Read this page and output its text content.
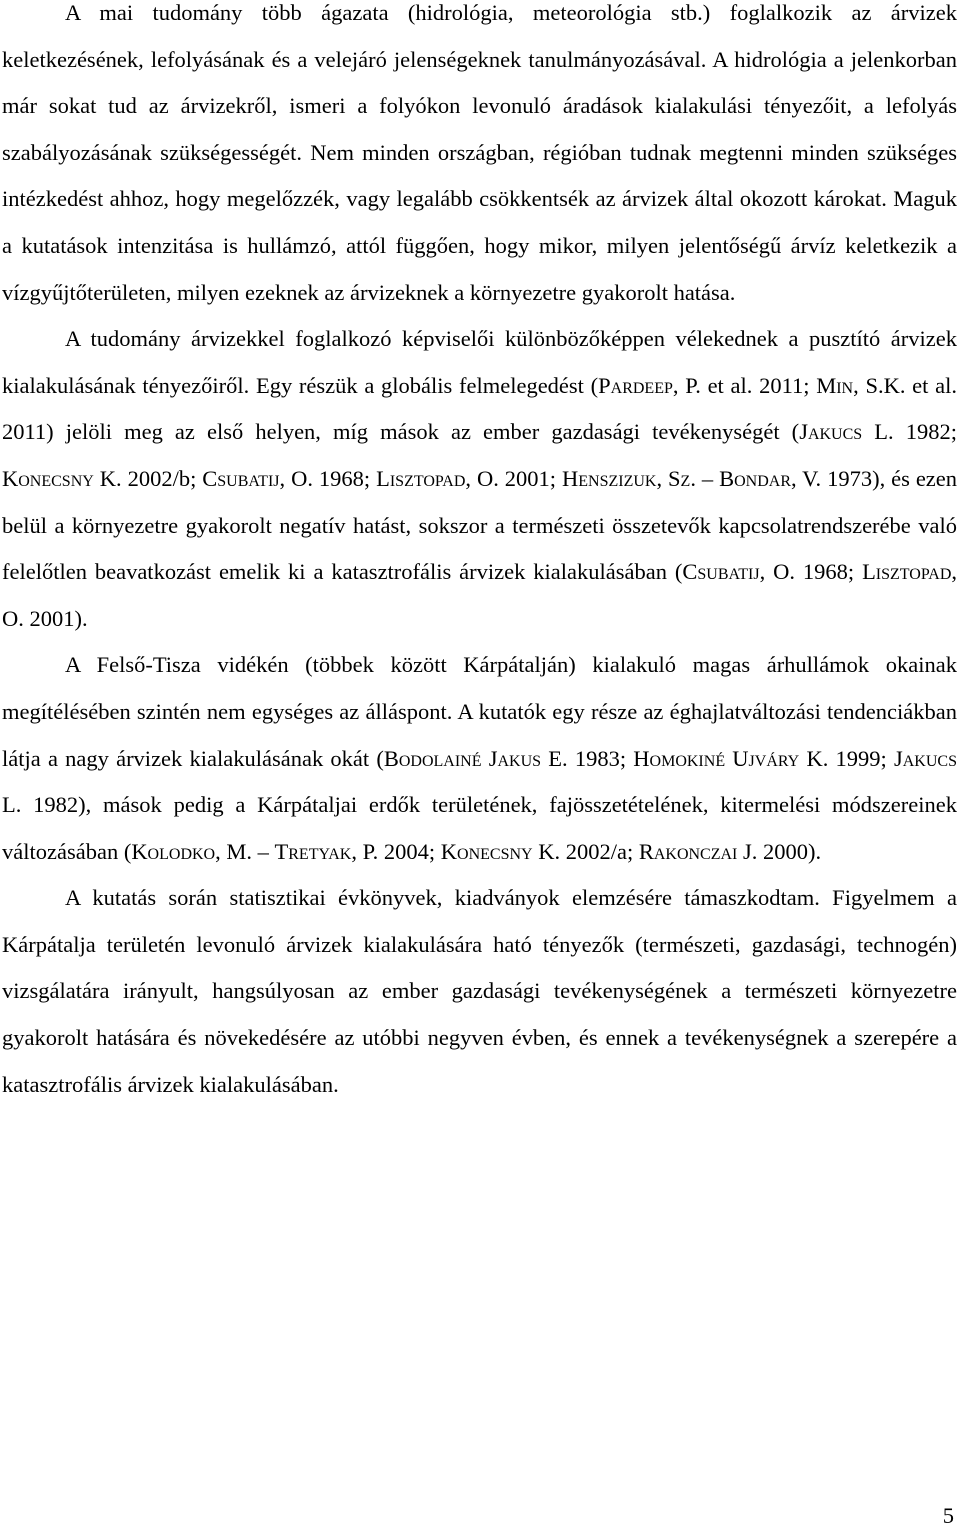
A mai tudomány több ágazata (hidrológia, meteorológia stb.) foglalkozik az árvizek keletkezésének, lefolyásának és a velejáró jelenségeknek tanulmányozásával. A hidrológia a jelenkorban már sokat tud az árvizekről, ismeri a folyókon levonuló áradások kialakulási tényezőit, a lefolyás szabályozásának szükségességét. Nem minden országban, régióban tudnak megtenni minden szükséges intézkedést ahhoz, hogy megelőzzék, vagy legalább csökkentsék az árvizek által okozott károkat. Maguk a kutatások intenzitása is hullámzó, attól függően, hogy mikor, milyen jelentőségű árvíz keletkezik a vízgyűjtőterületen, milyen ezeknek az árvizeknek a környezetre gyakorolt hatása.

A tudomány árvizekkel foglalkozó képviselői különbözőképpen vélekednek a pusztító árvizek kialakulásának tényezőiről. Egy részük a globális felmelegedést (Pardeep, P. et al. 2011; Min, S.K. et al. 2011) jelöli meg az első helyen, míg mások az ember gazdasági tevékenységét (Jakucs L. 1982; Konecsny K. 2002/b; Csubatij, O. 1968; Lisztopad, O. 2001; Henszizuk, Sz. – Bondar, V. 1973), és ezen belül a környezetre gyakorolt negatív hatást, sokszor a természeti összetevők kapcsolatrendszerébe való felelőtlen beavatkozást emelik ki a katasztrofális árvizek kialakulásában (Csubatij, O. 1968; Lisztopad, O. 2001).

A Felső-Tisza vidékén (többek között Kárpátalján) kialakuló magas árhullámok okainak megítélésében szintén nem egységes az álláspont. A kutatók egy része az éghajlatváltozási tendenciákban látja a nagy árvizek kialakulásának okát (Bodolainé Jakus E. 1983; Homokiné Ujváry K. 1999; Jakucs L. 1982), mások pedig a Kárpátaljai erdők területének, fajösszetételének, kitermelési módszereinek változásában (Kolodko, M. – Tretyak, P. 2004; Konecsny K. 2002/a; Rakonczai J. 2000).

A kutatás során statisztikai évkönyvek, kiadványok elemzésére támaszkodtam. Figyelmem a Kárpátalja területén levonuló árvizek kialakulására ható tényezők (természeti, gazdasági, technogén) vizsgálatára irányult, hangsúlyosan az ember gazdasági tevékenységének a természeti környezetre gyakorolt hatására és növekedésére az utóbbi negyven évben, és ennek a tevékenységnek a szerepére a katasztrofális árvizek kialakulásában.

5
